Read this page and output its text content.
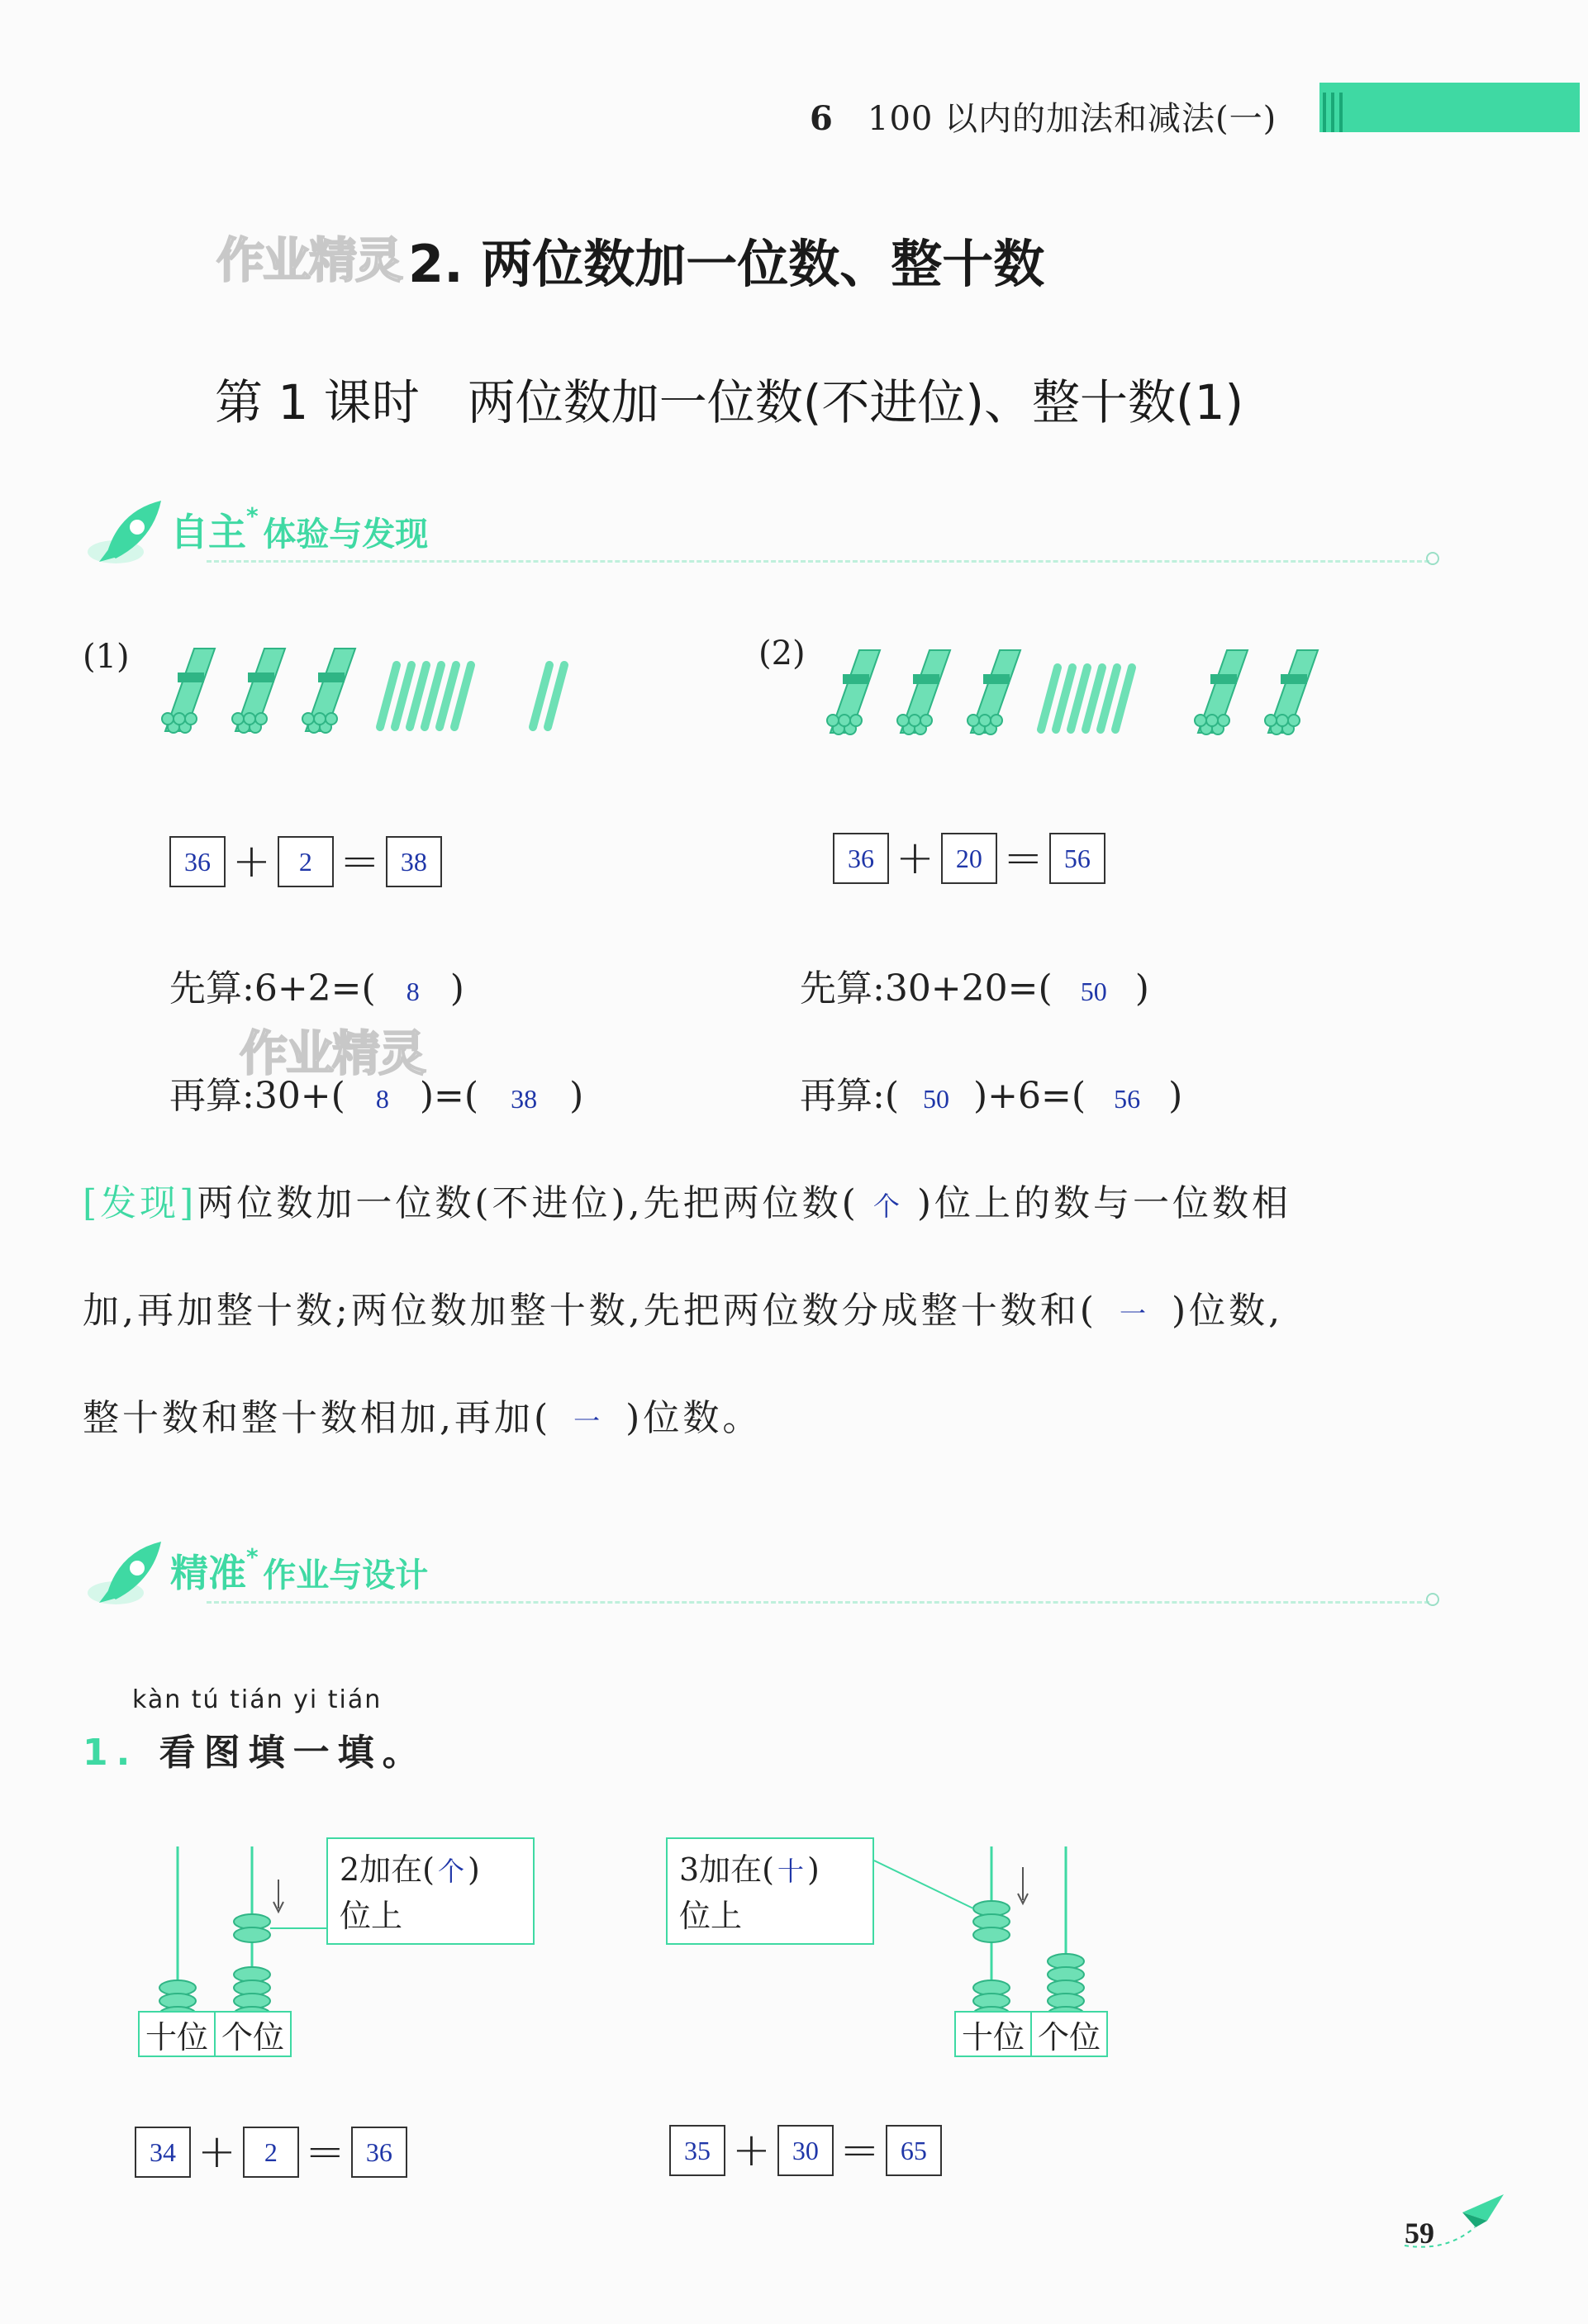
6 100 以内的加法和减法(一)
作业精灵
作业精灵
2. 两位数加一位数、整十数
第 1 课时　两位数加一位数(不进位)、整十数(1)
自主* 体验与发现
(1)
36 +	2 = 38
先算:6+2=( 8 )
再算:30+( 8 )=( 38 )
(2)
36 + 20 = 56
先算:30+20=( 50 )
再算:( 50 )+6=( 56 )
[发现]两位数加一位数(不进位),先把两位数( 个 )位上的数与一位数相
加,再加整十数;两位数加整十数,先把两位数分成整十数和( 一 )位数,
整十数和整十数相加,再加( 一 )位数。
精准* 作业与设计
kàn tú tián yi tián
1. 看图填一填。
十位 个位
2加在( 个 )
位上
34 +	2 = 36
3加在( 十 )
位上
十位 个位
35 + 30 = 65
59
